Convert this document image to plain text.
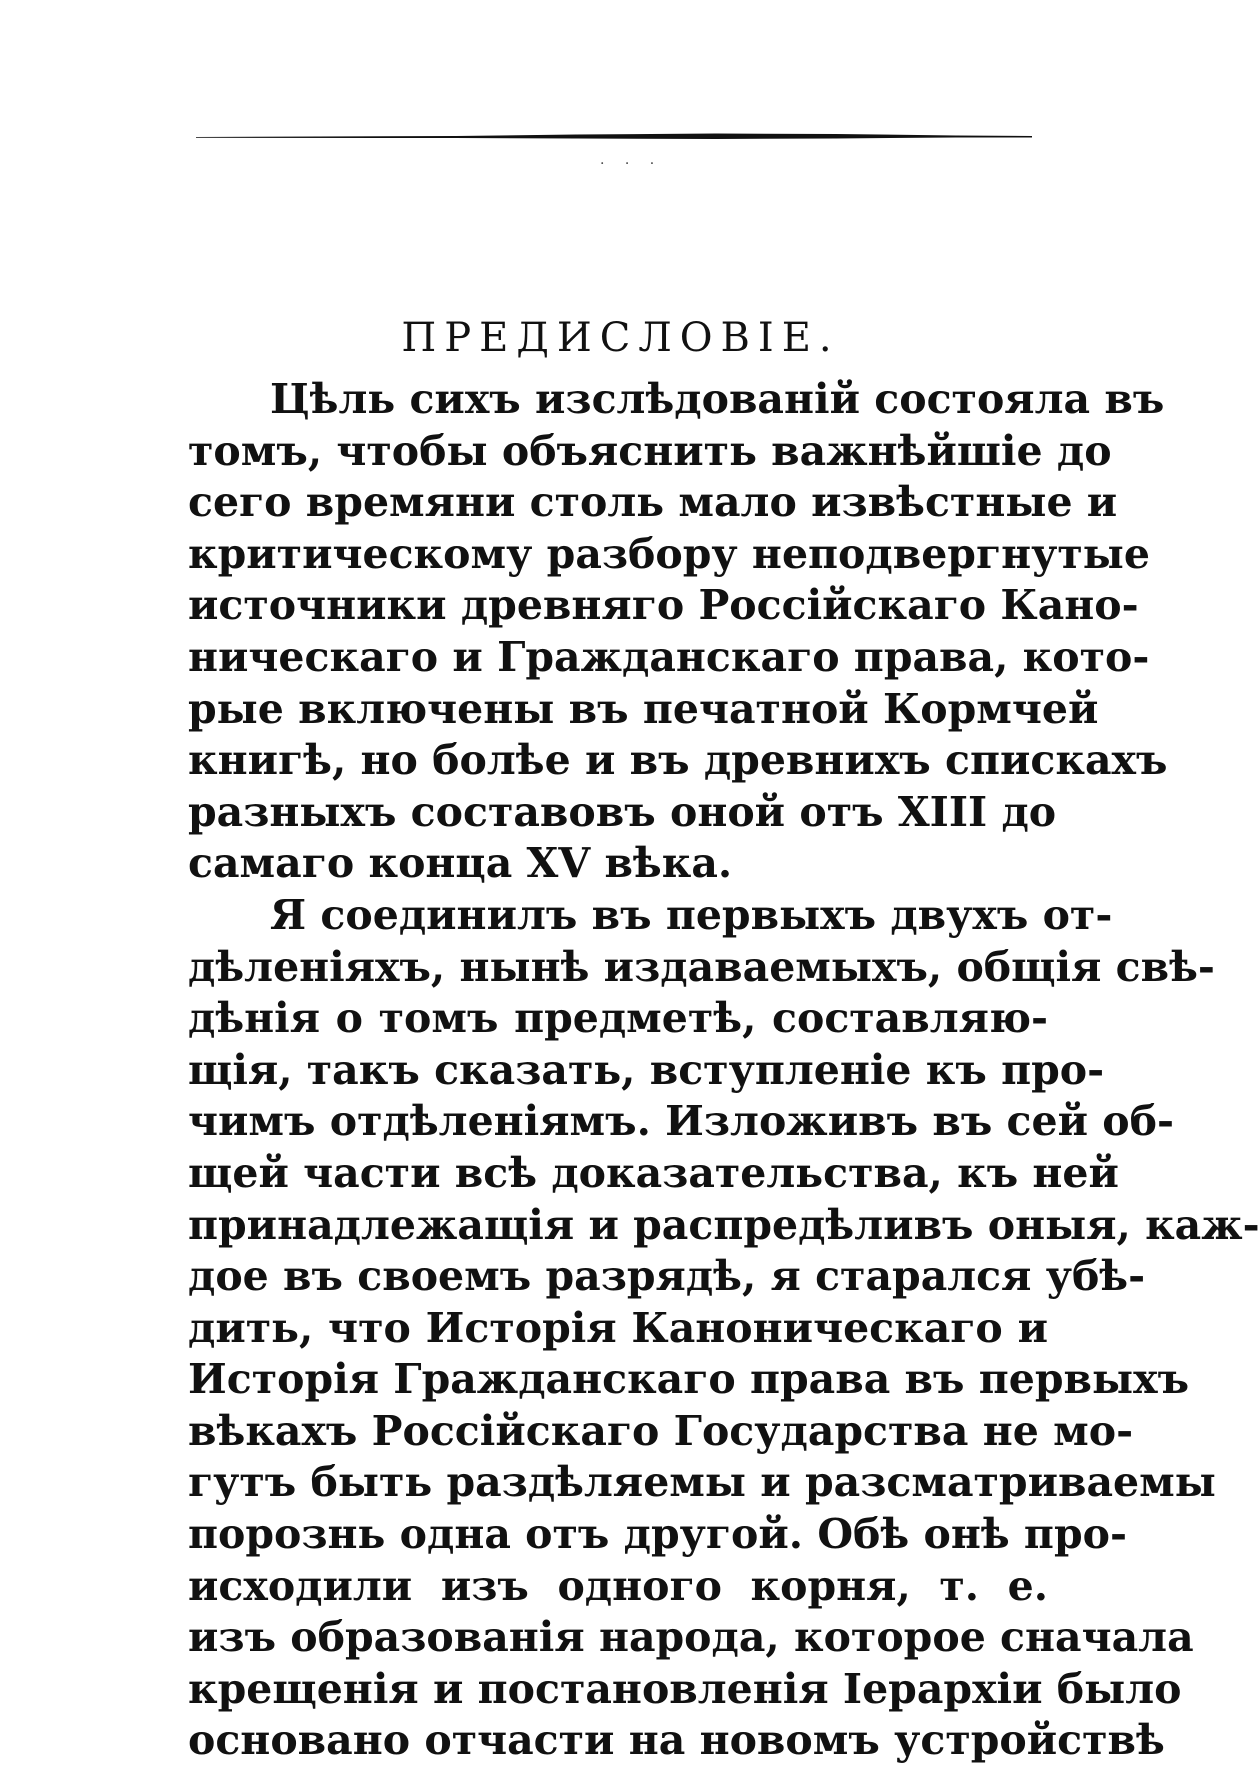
· · ·
ПРЕДИСЛОВІЕ.
Цѣль сихъ изслѣдованій состояла въ
томъ, чтобы объяснить важнѣйшіе до
сего времяни столь мало извѣстные и
критическому разбору неподвергнутые
источники древняго Россійскаго Кано-
ническаго и Гражданскаго права, кото-
рые включены въ печатной Кормчей
книгѣ, но болѣе и въ древнихъ спискахъ
разныхъ составовъ оной отъ XIII до
самаго конца XV вѣка.
Я соединилъ въ первыхъ двухъ от-
дѣленіяхъ, нынѣ издаваемыхъ, общія свѣ-
дѣнія о томъ предметѣ, составляю-
щія, такъ сказать, вступленіе къ про-
чимъ отдѣленіямъ. Изложивъ въ сей об-
щей части всѣ доказательства, къ ней
принадлежащія и распредѣливъ оныя, каж-
дое въ своемъ разрядѣ, я старался убѣ-
дить, что Исторія Каноническаго и
Исторія Гражданскаго права въ первыхъ
вѣкахъ Россійскаго Государства не мо-
гутъ быть раздѣляемы и разсматриваемы
порознь одна отъ другой. Обѣ онѣ про-
исходили изъ одного корня, т. е.
изъ образованія народа, которое сначала
крещенія и постановленія Іерархіи было
основано отчасти на новомъ устройствѣ
